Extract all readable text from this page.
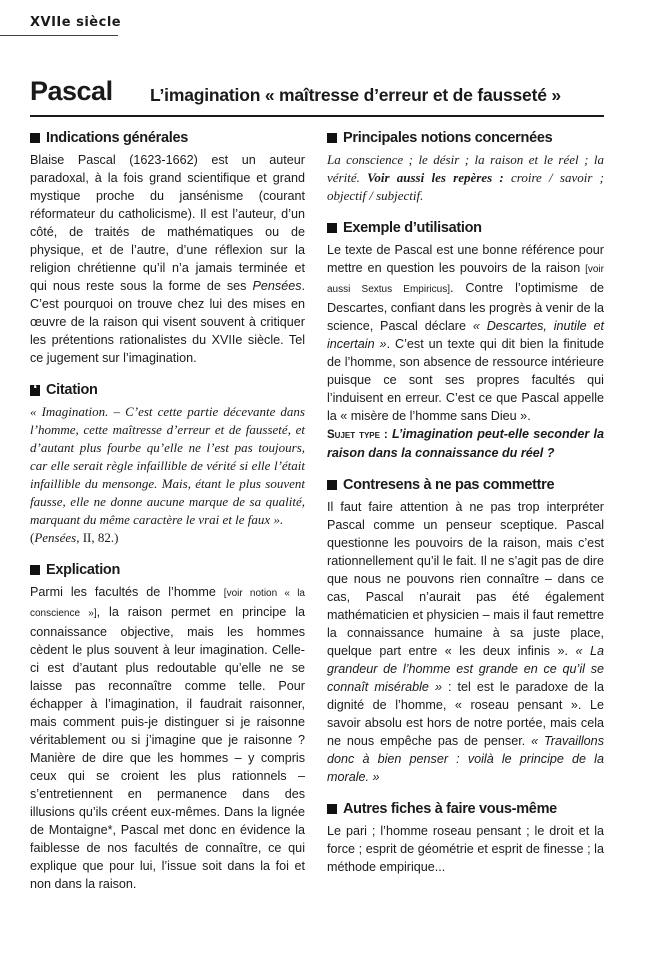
XVIIe siècle
Pascal L’imagination « maîtresse d’erreur et de fausseté »
Indications générales

Blaise Pascal (1623-1662) est un auteur paradoxal, à la fois grand scientifique et grand mystique proche du jansénisme (courant réformateur du catholicisme). Il est l’auteur, d’un côté, de traités de mathématiques ou de physique, et de l’autre, d’une réflexion sur la religion chrétienne qu’il n’a jamais terminée et qui nous reste sous la forme de ses Pensées. C’est pourquoi on trouve chez lui des mises en œuvre de la raison qui visent souvent à critiquer les prétentions rationalistes du XVIIe siècle. Tel ce jugement sur l’imagination.

❛ Citation

« Imagination. – C’est cette partie décevante dans l’homme, cette maîtresse d’erreur et de fausseté, et d’autant plus fourbe qu’elle ne l’est pas toujours, car elle serait règle infaillible de vérité si elle l’était infaillible du mensonge. Mais, étant le plus souvent fausse, elle ne donne aucune marque de sa qualité, marquant du même caractère le vrai et le faux ».
(Pensées, II, 82.)

Explication

Parmi les facultés de l’homme [voir notion « la conscience »], la raison permet en principe la connaissance objective, mais les hommes cèdent le plus souvent à leur imagination. Celle-ci est d’autant plus redoutable qu’elle ne se laisse pas reconnaître comme telle. Pour échapper à l’imagination, il faudrait raisonner, mais comment puis-je distinguer si je raisonne véritablement ou si j’imagine que je raisonne ? Manière de dire que les hommes – y compris ceux qui se croient les plus rationnels – s’entretiennent en permanence dans des illusions qu’ils créent eux-mêmes. Dans la lignée de Montaigne*, Pascal met donc en évidence la faiblesse de nos facultés de connaître, ce qui explique que pour lui, l’issue soit dans la foi et non dans la raison.

Principales notions concernées

La conscience ; le désir ; la raison et le réel ; la vérité. Voir aussi les repères : croire / savoir ; objectif / subjectif.

Exemple d’utilisation

Le texte de Pascal est une bonne référence pour mettre en question les pouvoirs de la raison [voir aussi Sextus Empiricus]. Contre l’optimisme de Descartes, confiant dans les progrès à venir de la science, Pascal déclare « Descartes, inutile et incertain ». C’est un texte qui dit bien la finitude de l’homme, son absence de ressource intérieure puisque ce sont ses propres facultés qui l’induisent en erreur. C’est ce que Pascal appelle la « misère de l’homme sans Dieu ».
Sujet type : L’imagination peut-elle seconder la raison dans la connaissance du réel ?

Contresens à ne pas commettre

Il faut faire attention à ne pas trop interpréter Pascal comme un penseur sceptique. Pascal questionne les pouvoirs de la raison, mais c’est rationnellement qu’il le fait. Il ne s’agit pas de dire que nous ne pouvons rien connaître – dans ce cas, Pascal n’aurait pas été également mathématicien et physicien – mais il faut remettre la connaissance humaine à sa juste place, quelque part entre « les deux infinis ». « La grandeur de l’homme est grande en ce qu’il se connaît misérable » : tel est le paradoxe de la dignité de l’homme, « roseau pensant ». Le savoir absolu est hors de notre portée, mais cela ne nous empêche pas de penser. « Travaillons donc à bien penser : voilà le principe de la morale. »

Autres fiches à faire vous-même

Le pari ; l’homme roseau pensant ; le droit et la force ; esprit de géométrie et esprit de finesse ; la méthode empirique...
